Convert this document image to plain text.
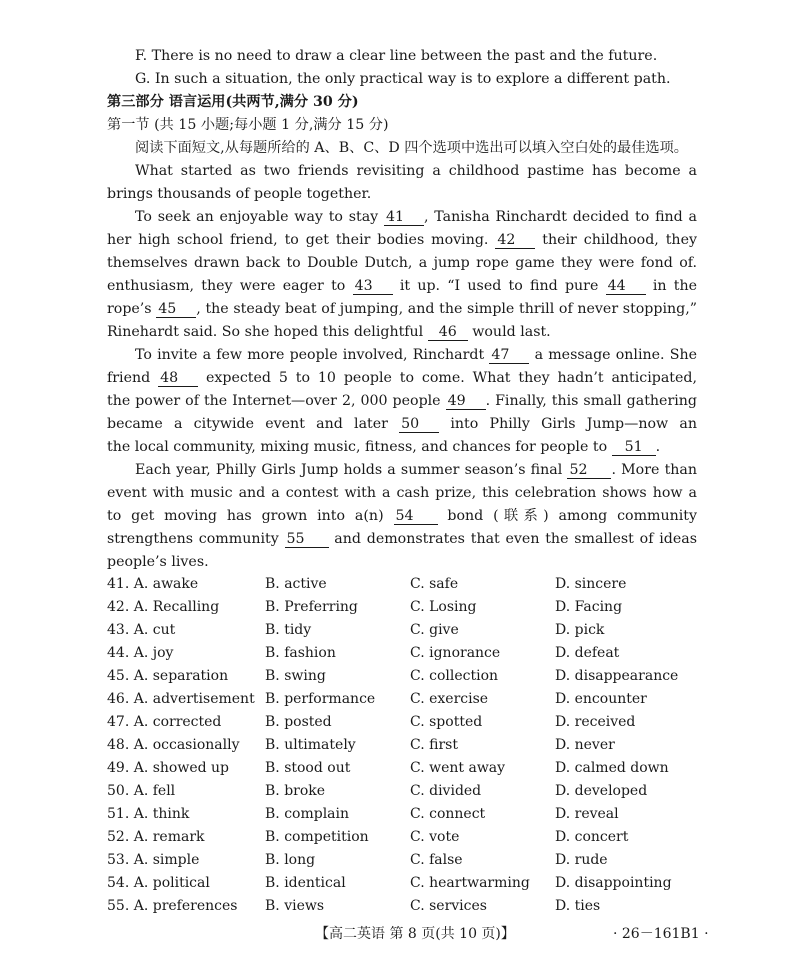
F. There is no need to draw a clear line between the past and the future.
G. In such a situation, the only practical way is to explore a different path.
第三部分 语言运用(共两节,满分 30 分)
第一节 (共 15 小题;每小题 1 分,满分 15 分)
阅读下面短文,从每题所给的 A、B、C、D 四个选项中选出可以填入空白处的最佳选项。
What started as two friends revisiting a childhood pastime has become a
brings thousands of people together.
To seek an enjoyable way to stay 41 , Tanisha Rinchardt decided to find a
her high school friend, to get their bodies moving. 42 their childhood, they
themselves drawn back to Double Dutch, a jump rope game they were fond of.
enthusiasm, they were eager to 43 it up. “I used to find pure 44 in the
rope’s 45 , the steady beat of jumping, and the simple thrill of never stopping,”
Rinehardt said. So she hoped this delightful 46 would last.
To invite a few more people involved, Rinchardt 47 a message online. She
friend 48 expected 5 to 10 people to come. What they hadn’t anticipated,
the power of the Internet—over 2, 000 people 49 . Finally, this small gathering
became a citywide event and later 50 into Philly Girls Jump—now an
the local community, mixing music, fitness, and chances for people to 51 .
Each year, Philly Girls Jump holds a summer season’s final 52 . More than
event with music and a contest with a cash prize, this celebration shows how a
to get moving has grown into a(n) 54 bond (联系) among community
strengthens community 55 and demonstrates that even the smallest of ideas
people’s lives.
41. A. awake	B. active	C. safe	D. sincere
42. A. Recalling	B. Preferring	C. Losing	D. Facing
43. A. cut	B. tidy	C. give	D. pick
44. A. joy	B. fashion	C. ignorance	D. defeat
45. A. separation	B. swing	C. collection	D. disappearance
46. A. advertisement B. performance C. exercise	D. encounter
47. A. corrected	B. posted	C. spotted	D. received
48. A. occasionally B. ultimately	C. first	D. never
49. A. showed up	B. stood out	C. went away	D. calmed down
50. A. fell	B. broke	C. divided	D. developed
51. A. think	B. complain	C. connect	D. reveal
52. A. remark	B. competition	C. vote	D. concert
53. A. simple	B. long	C. false	D. rude
54. A. political	B. identical	C. heartwarming D. disappointing
55. A. preferences B. views	C. services	D. ties
【高二英语 第 8 页(共 10 页)】	· 26－161B1 ·
